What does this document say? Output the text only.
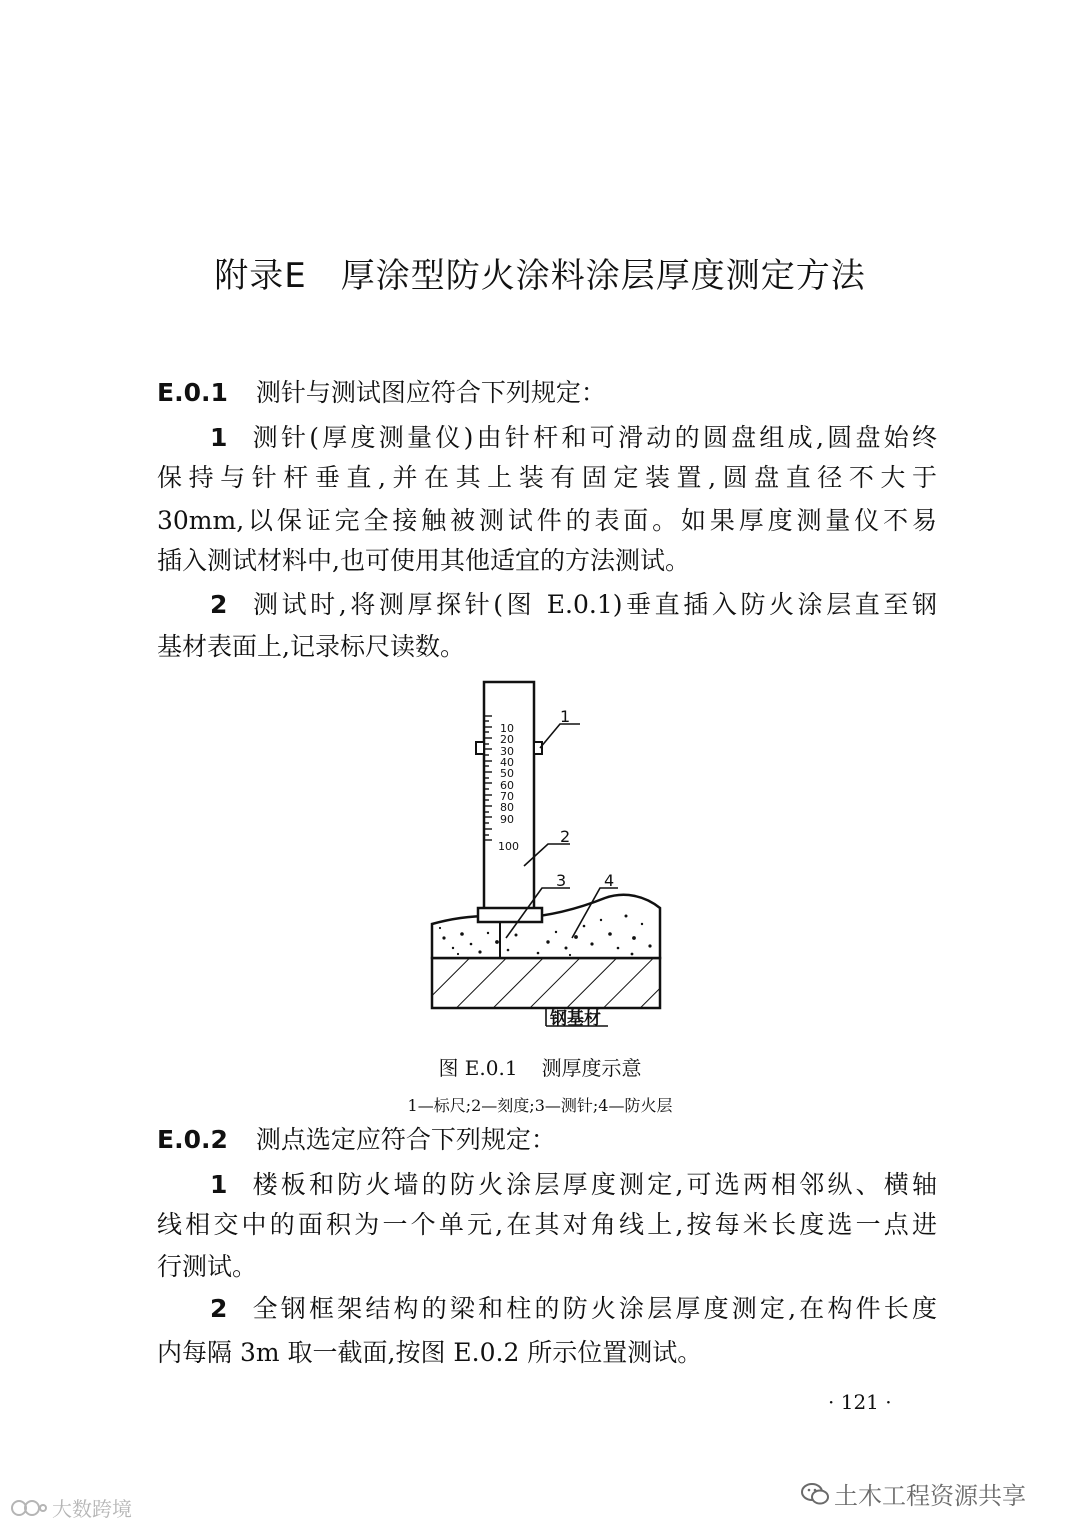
附录E 厚涂型防火涂料涂层厚度测定方法
E.0.1 测针与测试图应符合下列规定：
1 测针(厚度测量仪)由针杆和可滑动的圆盘组成,圆盘始终
保持与针杆垂直,并在其上装有固定装置,圆盘直径不大于
30mm,以保证完全接触被测试件的表面。如果厚度测量仪不易
插入测试材料中,也可使用其他适宜的方法测试。
2 测试时,将测厚探针(图 E.0.1)垂直插入防火涂层直至钢
基材表面上,记录标尺读数。
10
20
30
40
50
60
70
80
90
100
1
2
3 4
钢基材
图 E.0.1 测厚度示意
1—标尺;2—刻度;3—测针;4—防火层
E.0.2 测点选定应符合下列规定：
1 楼板和防火墙的防火涂层厚度测定,可选两相邻纵、横轴
线相交中的面积为一个单元,在其对角线上,按每米长度选一点进
行测试。
2 全钢框架结构的梁和柱的防火涂层厚度测定,在构件长度
内每隔 3m 取一截面,按图 E.0.2 所示位置测试。
· 121 ·
土木工程资源共享
大数跨境
